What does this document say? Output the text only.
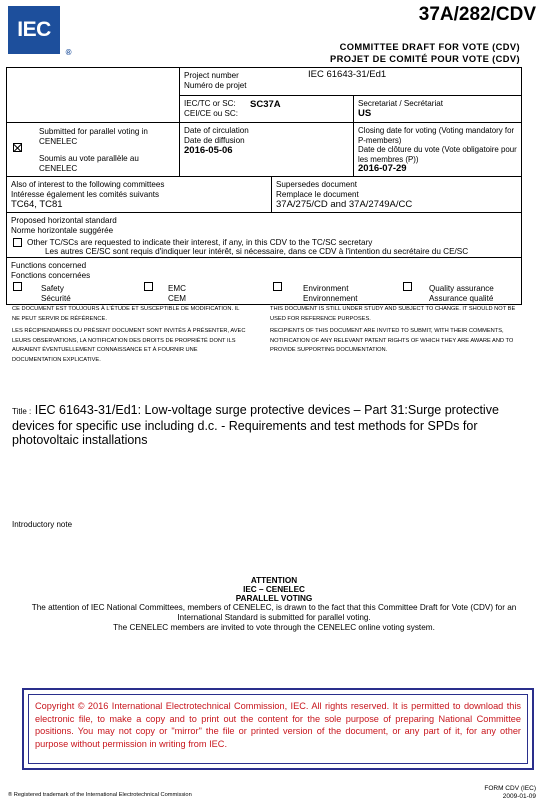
IEC
®
37A/282/CDV
COMMITTEE DRAFT FOR VOTE (CDV)
PROJET DE COMITÉ POUR VOTE (CDV)
Project number
Numéro de projet
IEC 61643-31/Ed1
IEC/TC or SC:
CEI/CE ou SC:
SC37A	Secretariat / Secrétariat
US
Submitted for parallel voting in CENELEC
Soumis au vote parallèle au CENELEC
Date of circulation
Date de diffusion
2016-05-06
Closing date for voting (Voting mandatory for P-members)
Date de clôture du vote (Vote obligatoire pour les membres (P))
2016-07-29
Also of interest to the following committees
Intéresse également les comités suivants
TC64, TC81
Supersedes document
Remplace le document
37A/275/CD and 37A/2749A/CC
Proposed horizontal standard
Norme horizontale suggérée
Other TC/SCs are requested to indicate their interest, if any, in this CDV to the TC/SC secretary
Les autres CE/SC sont requis d'indiquer leur intérêt, si nécessaire, dans ce CDV à l'intention du secrétaire du CE/SC
Functions concerned
Fonctions concernées
Safety
Sécurité
EMC
CEM
Environment
Environnement
Quality assurance
Assurance qualité
CE DOCUMENT EST TOUJOURS À L'ÉTUDE ET SUSCEPTIBLE DE MODIFICATION. IL NE PEUT SERVIR DE RÉFÉRENCE.
LES RÉCIPIENDAIRES DU PRÉSENT DOCUMENT SONT INVITÉS À PRÉSENTER, AVEC LEURS OBSERVATIONS, LA NOTIFICATION DES DROITS DE PROPRIÉTÉ DONT ILS AURAIENT ÉVENTUELLEMENT CONNAISSANCE ET À FOURNIR UNE DOCUMENTATION EXPLICATIVE.
THIS DOCUMENT IS STILL UNDER STUDY AND SUBJECT TO CHANGE. IT SHOULD NOT BE USED FOR REFERENCE PURPOSES.
RECIPIENTS OF THIS DOCUMENT ARE INVITED TO SUBMIT, WITH THEIR COMMENTS, NOTIFICATION OF ANY RELEVANT PATENT RIGHTS OF WHICH THEY ARE AWARE AND TO PROVIDE SUPPORTING DOCUMENTATION.
Title : IEC 61643-31/Ed1: Low-voltage surge protective devices – Part 31:Surge protective devices for specific use including d.c. - Requirements and test methods for SPDs for photovoltaic installations
Introductory note
ATTENTION
IEC – CENELEC
PARALLEL VOTING
The attention of IEC National Committees, members of CENELEC, is drawn to the fact that this Committee Draft for Vote (CDV) for an International Standard is submitted for parallel voting.
The CENELEC members are invited to vote through the CENELEC online voting system.
Copyright © 2016 International Electrotechnical Commission, IEC. All rights reserved. It is permitted to download this electronic file, to make a copy and to print out the content for the sole purpose of preparing National Committee positions. You may not copy or "mirror" the file or printed version of the document, or any part of it, for any other purpose without permission in writing from IEC.
® Registered trademark of the International Electrotechnical Commission
FORM CDV (IEC)
2009-01-09
